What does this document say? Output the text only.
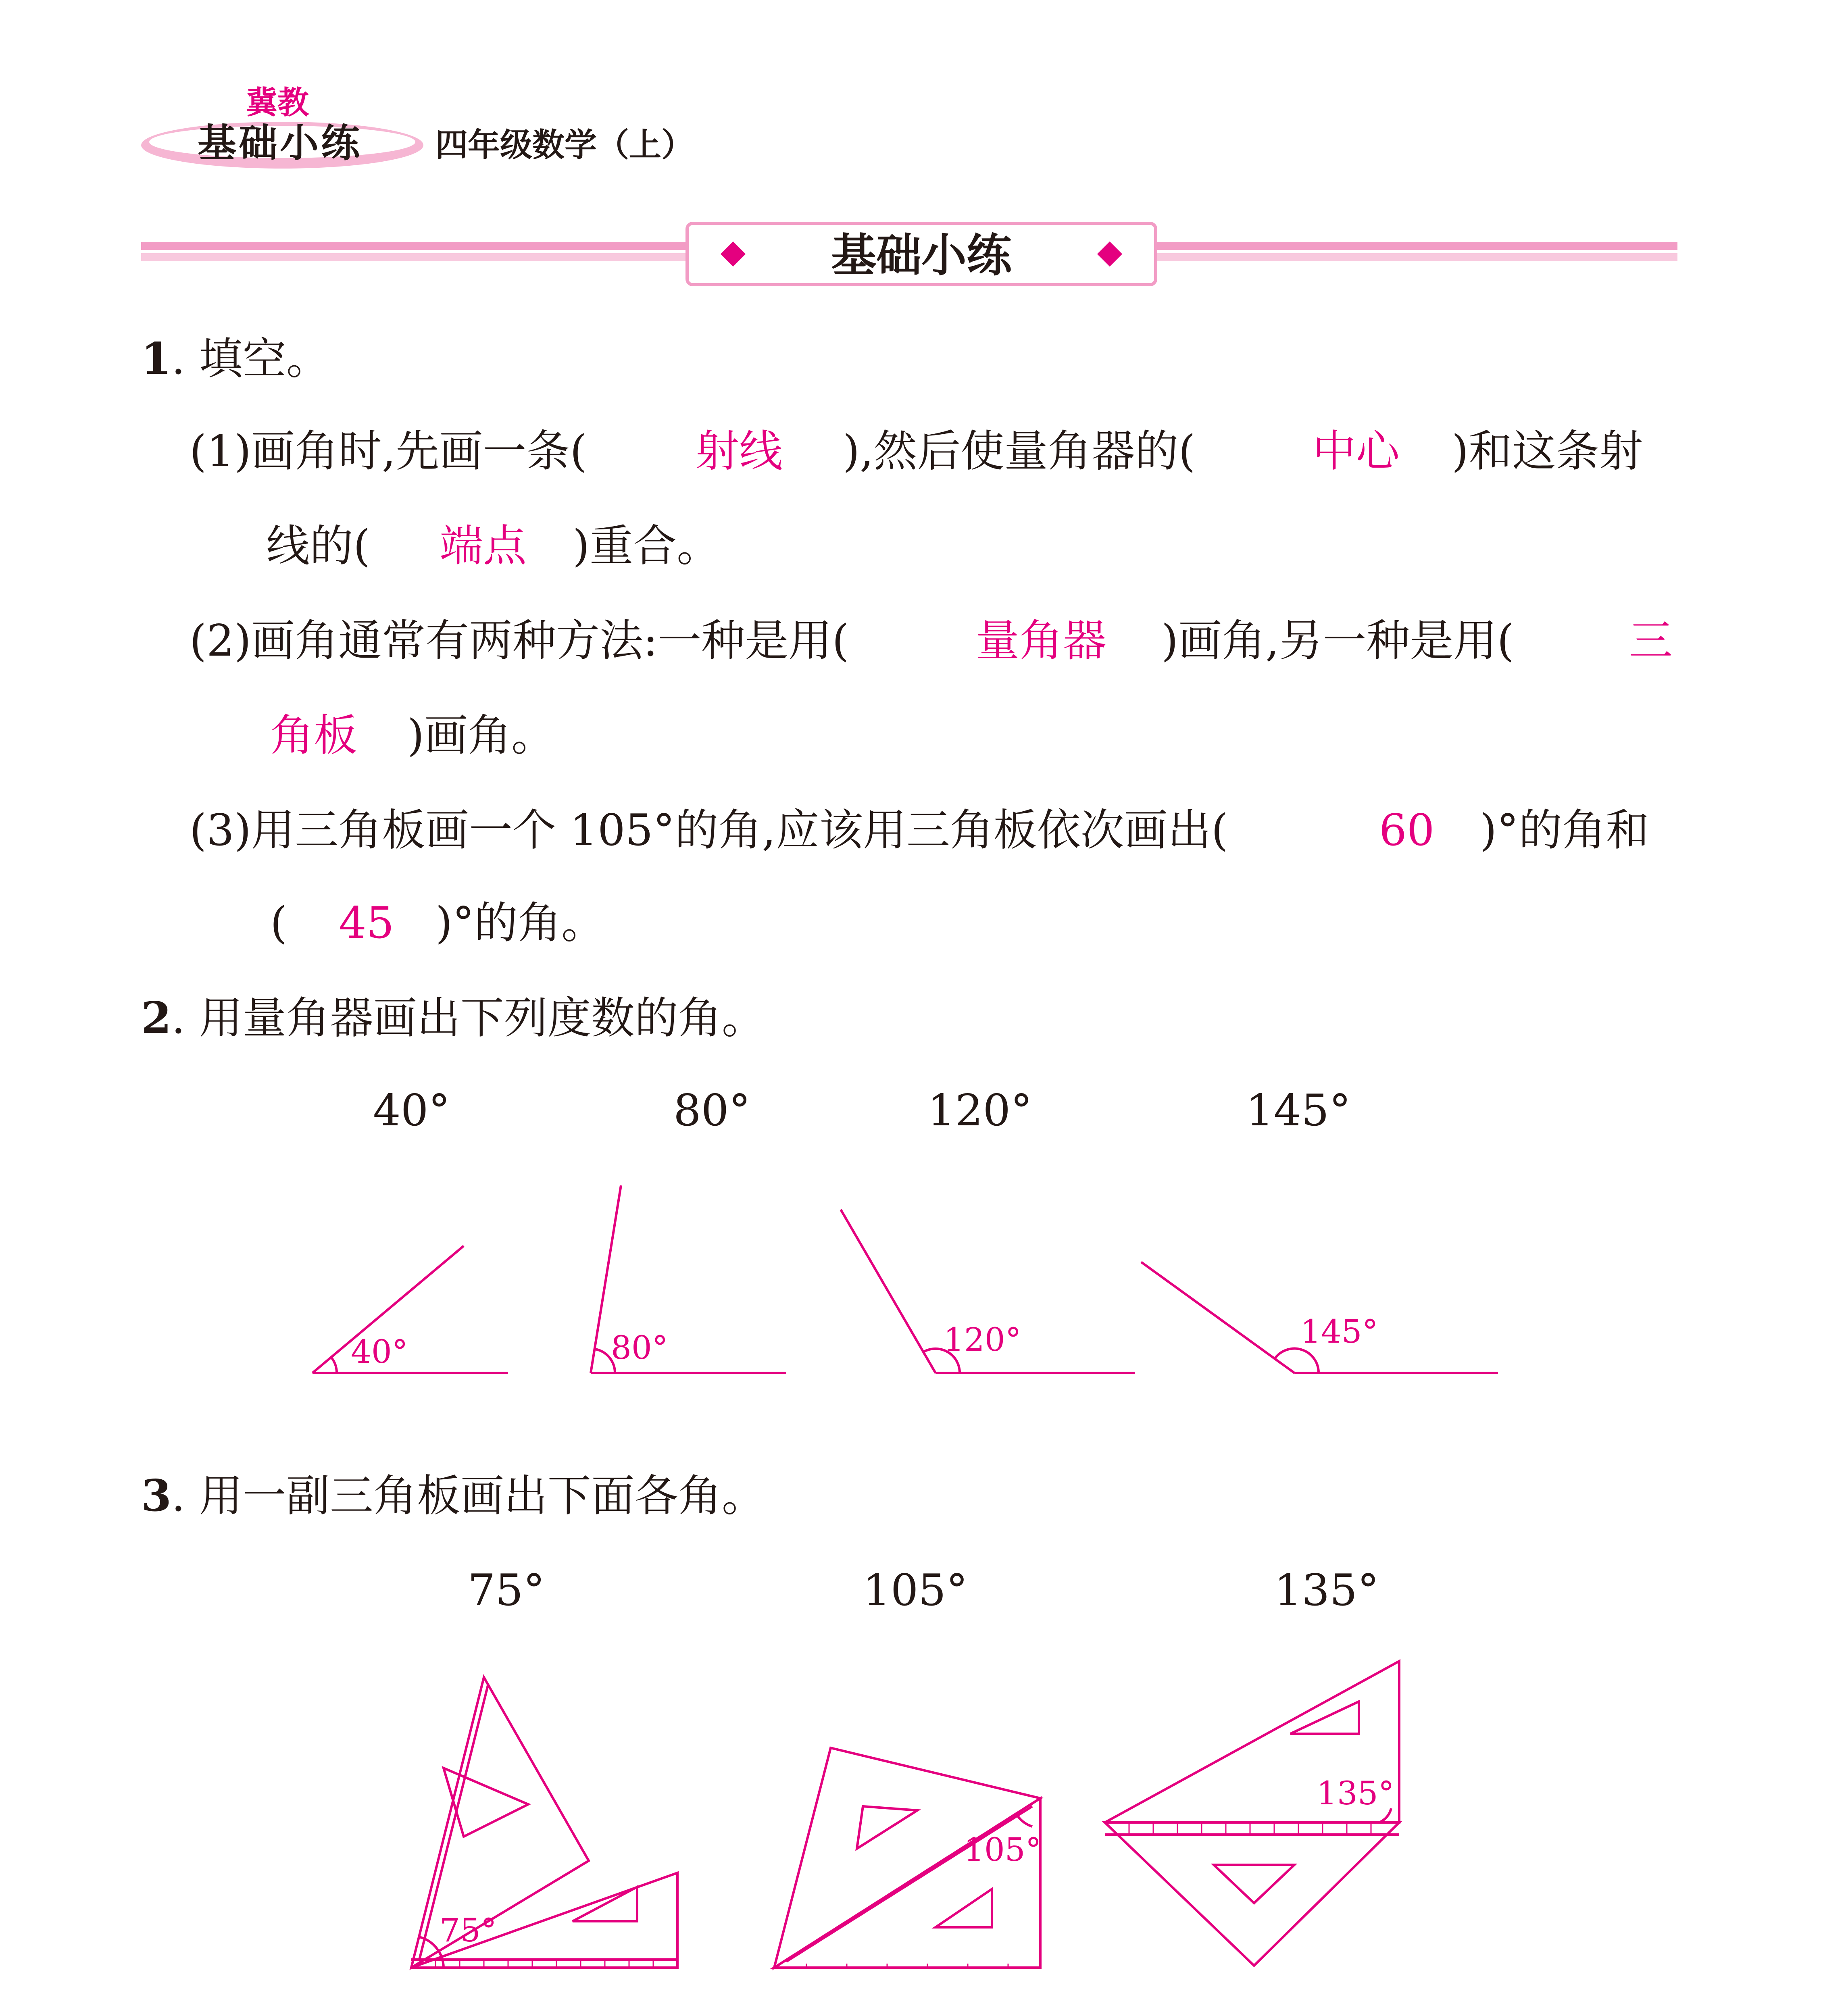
冀教
基础小练 四年级数学（上）
基础小练
1. 填空。
(1)画角时,先画一条( 射线 ),然后使量角器的(	中心 )和这条射
线的( 端点 )重合。
(2)画角通常有两种方法:一种是用(	量角器 )画角,另一种是用(	三
角板 )画角。
(3)用三角板画一个 105°的角,应该用三角板依次画出(	60 )°的角和
( 45 )°的角。
2. 用量角器画出下列度数的角。
40°	80°	120°	145°
40°	80°	120°	145°
3. 用一副三角板画出下面各角。
75°	105°	135°
75°
105°
135°
